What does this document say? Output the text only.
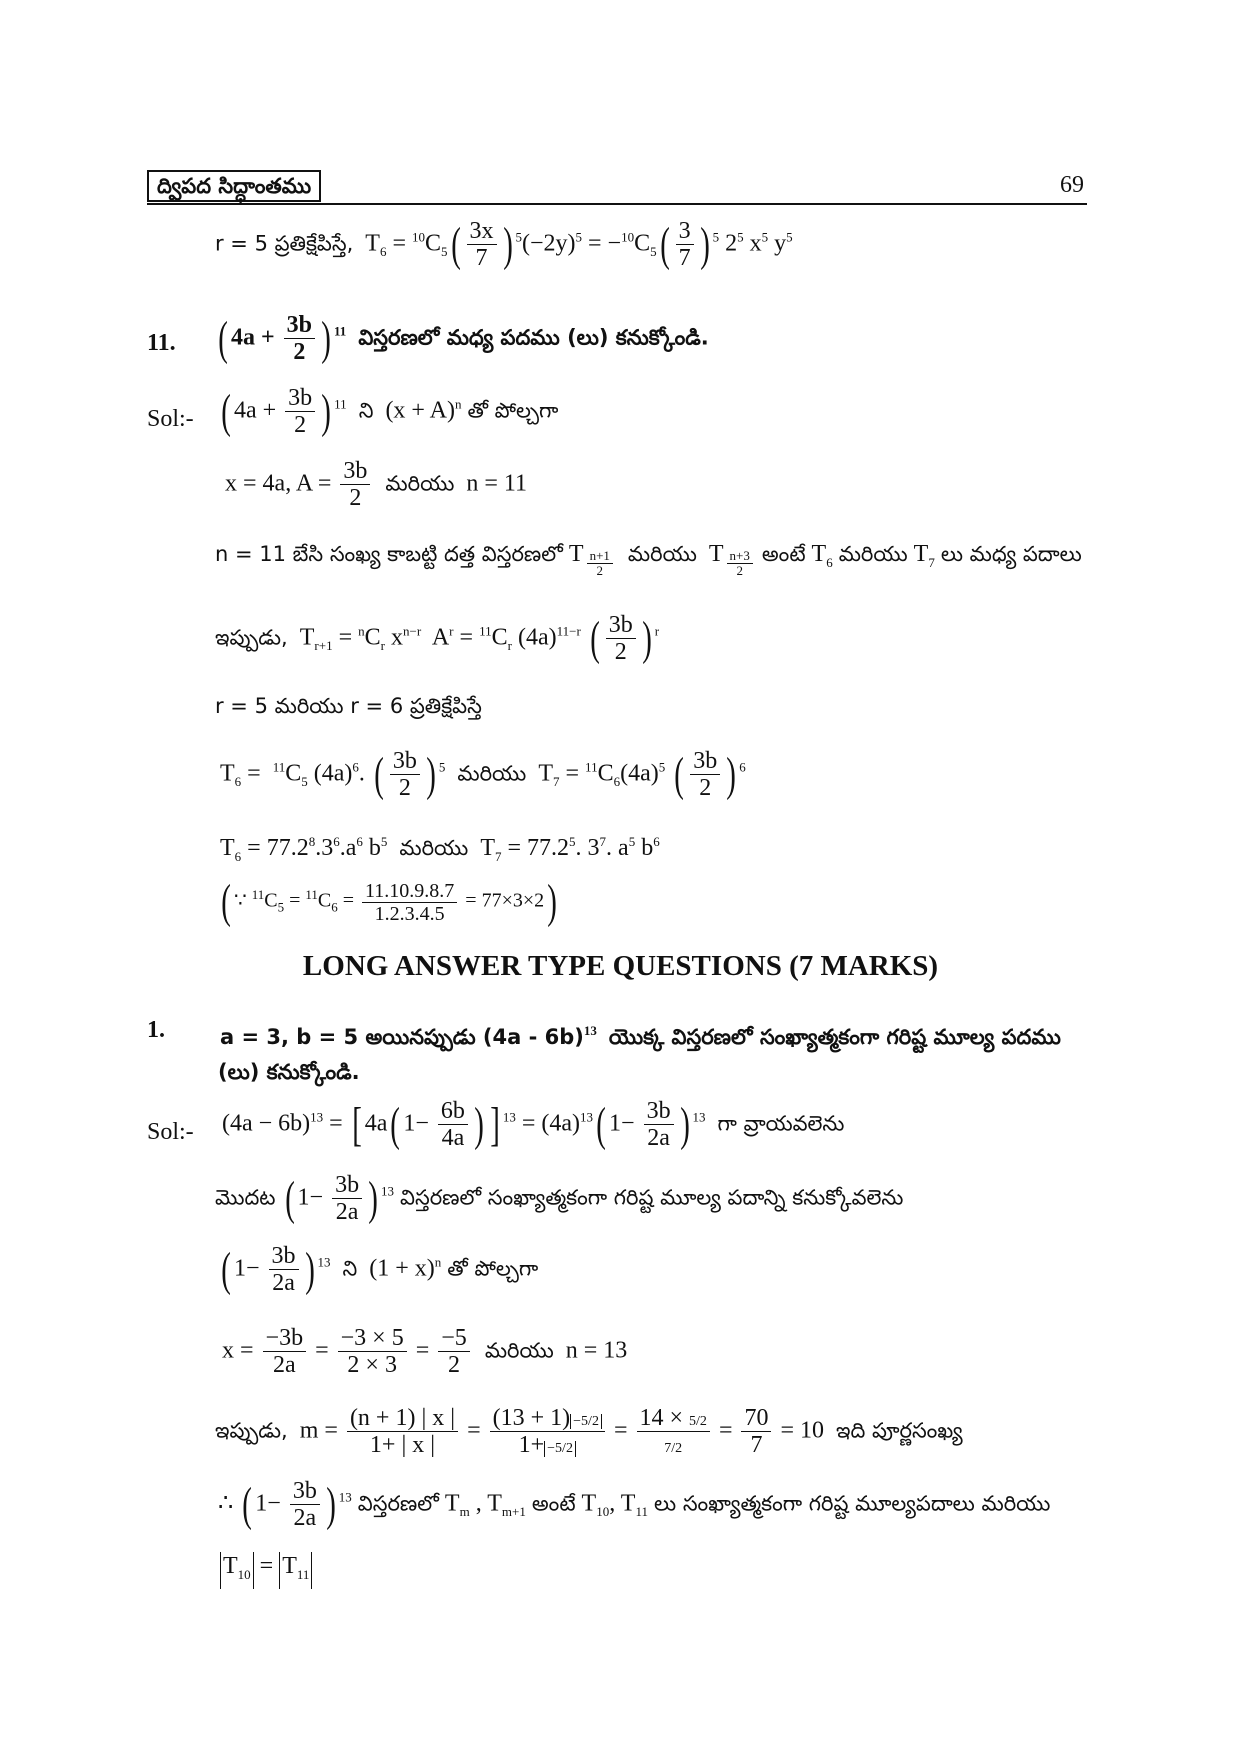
ద్విపద సిద్ధాంతము	69
r = 5 ప్రతిక్షేపిస్తే,  $T_6 = ^{10}C_5( \frac{3x}{7}$ ) $^5(-2y)^5 = -^{10}C_5( \frac{3}{7}$ ) $^5$ $2^5$ $x^5$ $y^5$
11. ( $4a + \frac{3b}{2}$ ) $^{11}$ విస్తరణలో మధ్య పదము (లు) కనుక్కోండి.
Sol:- ( $4a + \frac{3b}{2}$ ) $^{11}$ ని  $(x + A)^n$ తో పోల్చగా
x = 4a, $A = \frac{3b}{2}$ మరియు  n = 11
n = 11 బేసి సంఖ్య కాబట్టి దత్త విస్తరణలో T $_{\frac{n+1}{2}}$ మరియు  T $_{\frac{n+3}{2}}$ అంటే $T_6$ మరియు $T_7$ లు మధ్య పదాలు
ఇప్పుడు,  $T_{r+1} = ^nC_r$ $x^{n-r}$  $A^r = ^{11}C_r$ $(4a)^{11-r}$ ( $\frac{3b}{2}$ ) $^r$
r = 5 మరియు r = 6 ప్రతిక్షేపిస్తే
$T_6 = ^{11}C_5$ $(4a)^6$. ( $\frac{3b}{2}$ ) $^5$ మరియు  $T_7 = ^{11}C_6(4a)^5$ ( $\frac{3b}{2}$ ) $^6$
$T_6 = 77.2^8.3^6.a^6$ $b^5$ మరియు  $T_7 = 77.2^5$. $3^7$. $a^5$ $b^6$
( ∵ $^{11}C_5 = ^{11}C_6 = \frac{11.10.9.8.7}{1.2.3.4.5} = 77\times 3\times 2$)
LONG ANSWER TYPE QUESTIONS (7 MARKS)
1.	a = 3, b = 5 అయినప్పుడు (4a - 6b)$^{13}$ యొక్క విస్తరణలో సంఖ్యాత్మకంగా గరిష్ట మూల్య పదము
(లు) కనుక్కోండి.
Sol:- $(4a - 6b)^{13}$ = [ 4a( $1- \frac{6b}{4a}$ ) ] $^{13} = (4a)^{13}$( $1- \frac{3b}{2a}$ ) $^{13}$ గా వ్రాయవలెను
మొదట ( $1- \frac{3b}{2a}$ ) $^{13}$ విస్తరణలో సంఖ్యాత్మకంగా గరిష్ట మూల్య పదాన్ని కనుక్కోవలెను
( $1- \frac{3b}{2a}$ ) $^{13}$ ని  $(1 + x)^n$ తో పోల్చగా
$x = \frac{-3b}{2a} = \frac{-3 \times 5}{2 \times 3} = \frac{-5}{2}$ మరియు  n = 13
ఇప్పుడు,  $m = \frac{(n + 1) | x |}{1+ | x |} = \frac{(13 + 1) -5/2}{1+ -5/2} = \frac{14 \times 5/2}{7/2} = \frac{70}{7} = 10$  ఇది పూర్ణసంఖ్య
∴ ( $1- \frac{3b}{2a}$ ) $^{13}$ విస్తరణలో $T_m$ , $T_{m+1}$ అంటే $T_{10}$, $T_{11}$ లు సంఖ్యాత్మకంగా గరిష్ట మూల్యపదాలు మరియు
$T_{10} = T_{11}$
